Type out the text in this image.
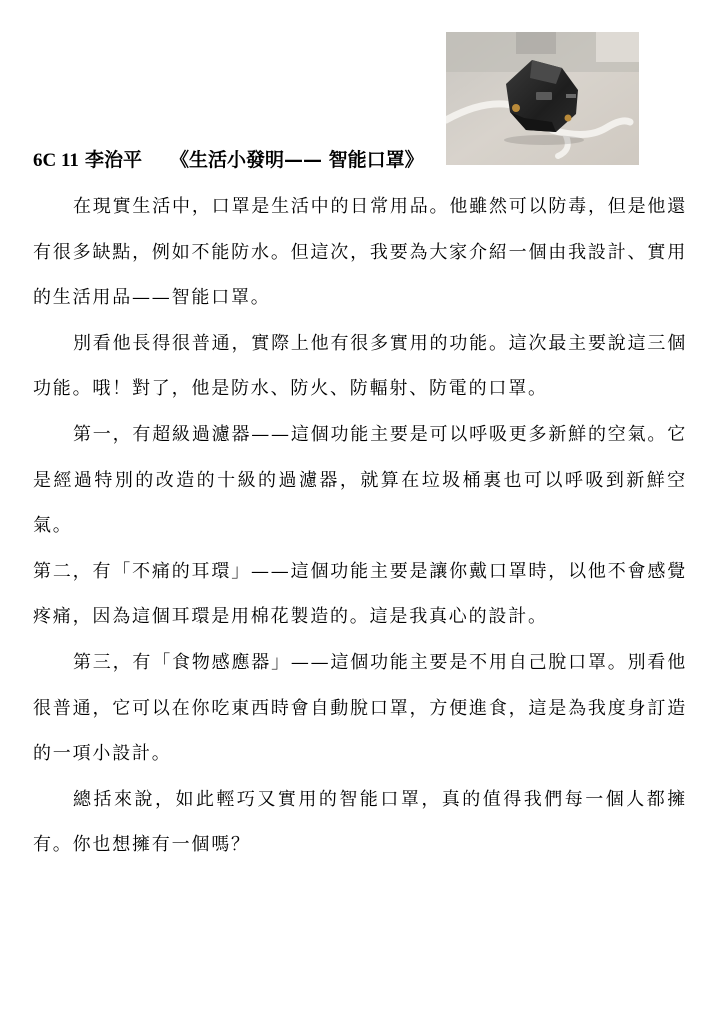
6C 11 李治平 《生活小發明—— 智能口罩》

在現實生活中，口罩是生活中的日常用品。他雖然可以防毒，但是他還有很多缺點，例如不能防水。但這次，我要為大家介紹一個由我設計、實用的生活用品——智能口罩。

別看他長得很普通，實際上他有很多實用的功能。這次最主要說這三個功能。哦！對了，他是防水、防火、防輻射、防電的口罩。

第一，有超級過濾器——這個功能主要是可以呼吸更多新鮮的空氣。它是經過特別的改造的十級的過濾器，就算在垃圾桶裏也可以呼吸到新鮮空氣。

第二，有「不痛的耳環」——這個功能主要是讓你戴口罩時，以他不會感覺疼痛，因為這個耳環是用棉花製造的。這是我真心的設計。

第三，有「食物感應器」——這個功能主要是不用自己脫口罩。別看他很普通，它可以在你吃東西時會自動脫口罩，方便進食，這是為我度身訂造的一項小設計。

總括來說，如此輕巧又實用的智能口罩，真的值得我們每一個人都擁有。你也想擁有一個嗎？
